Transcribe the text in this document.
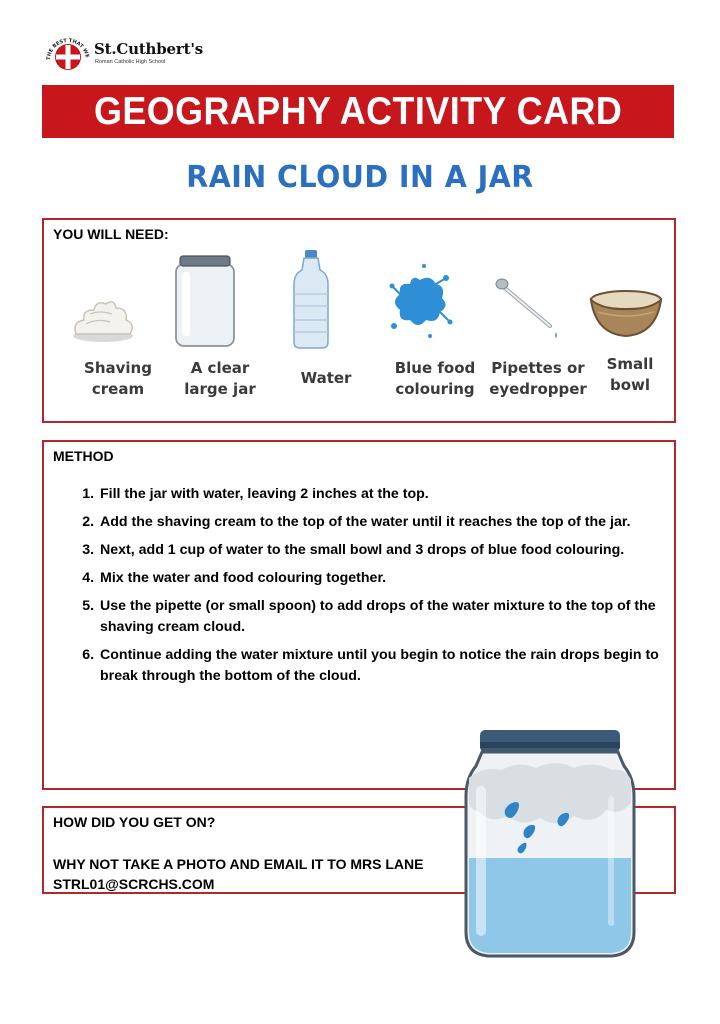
THE BEST THAT WE St.Cuthbert's
Roman Catholic High School
GEOGRAPHY ACTIVITY CARD
RAIN CLOUD IN A JAR
YOU WILL NEED:
Shaving
cream
A clear
large jar
Water
Blue food
colouring
Pipettes or
eyedropper
Small
bowl
METHOD
1. Fill the jar with water, leaving 2 inches at the top.
2. Add the shaving cream to the top of the water until it reaches the top of the jar.
3. Next, add 1 cup of water to the small bowl and 3 drops of blue food colouring.
4. Mix the water and food colouring together.
5. Use the pipette (or small spoon) to add drops of the water mixture to the top of the shaving cream cloud.
6. Continue adding the water mixture until you begin to notice the rain drops begin to break through the bottom of the cloud.
HOW DID YOU GET ON?
WHY NOT TAKE A PHOTO AND EMAIL IT TO MRS LANE
STRL01@SCRCHS.COM
